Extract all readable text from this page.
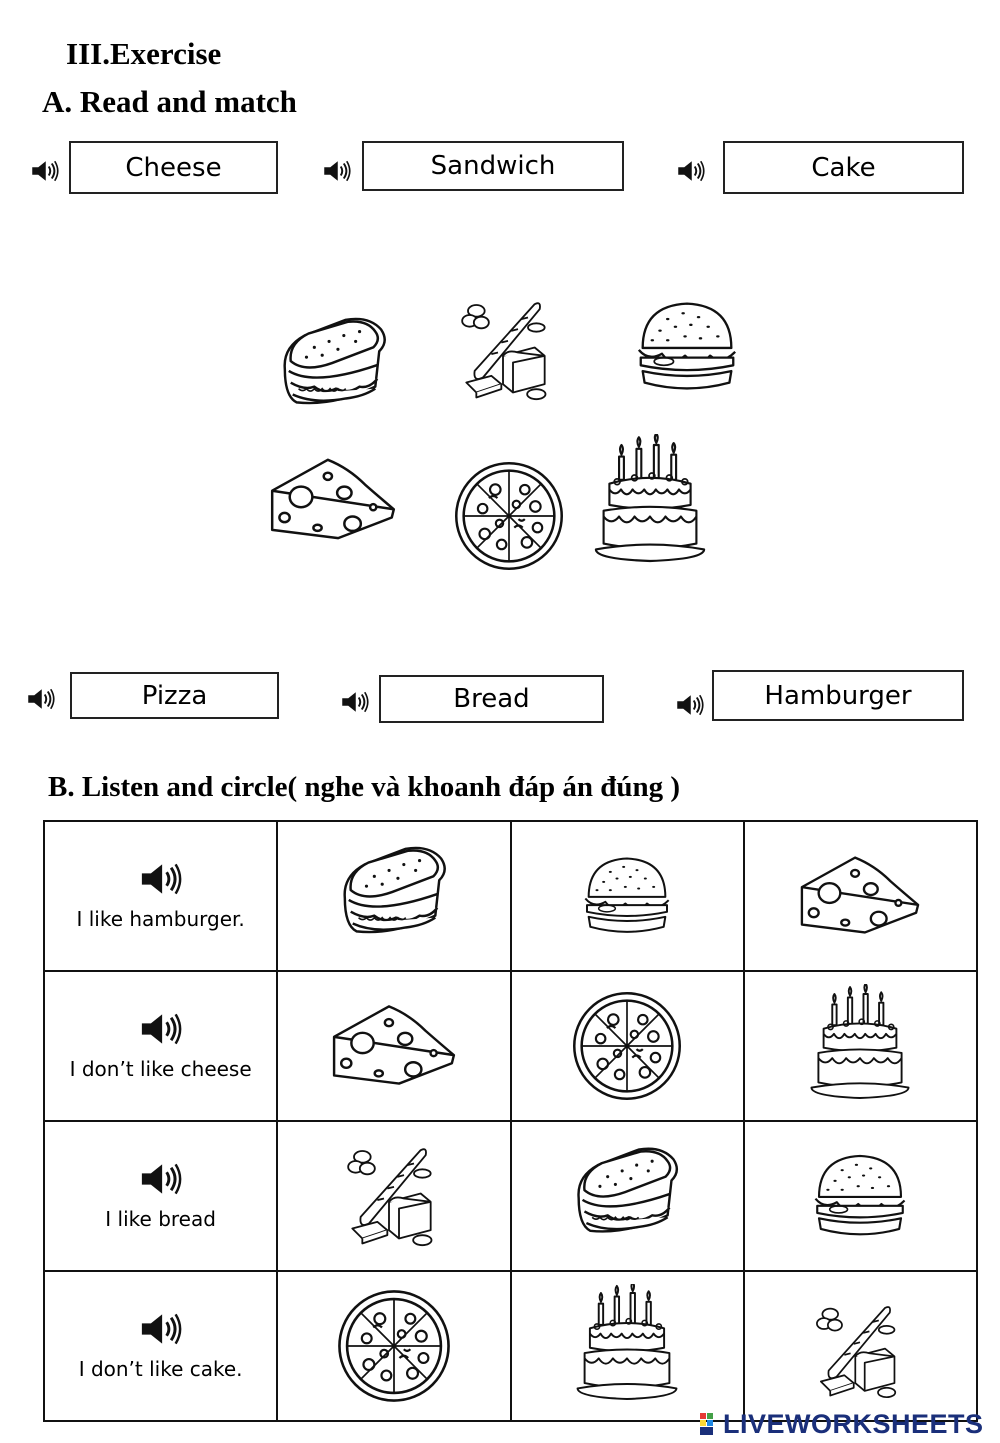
III.Exercise
A. Read and match
Cheese	Sandwich	Cake
Pizza	Bread	Hamburger
B. Listen and circle( nghe và khoanh đáp án đúng )
I like hamburger.

I don’t like cheese

I like bread

I don’t like cake.

LIVEWORKSHEETS
